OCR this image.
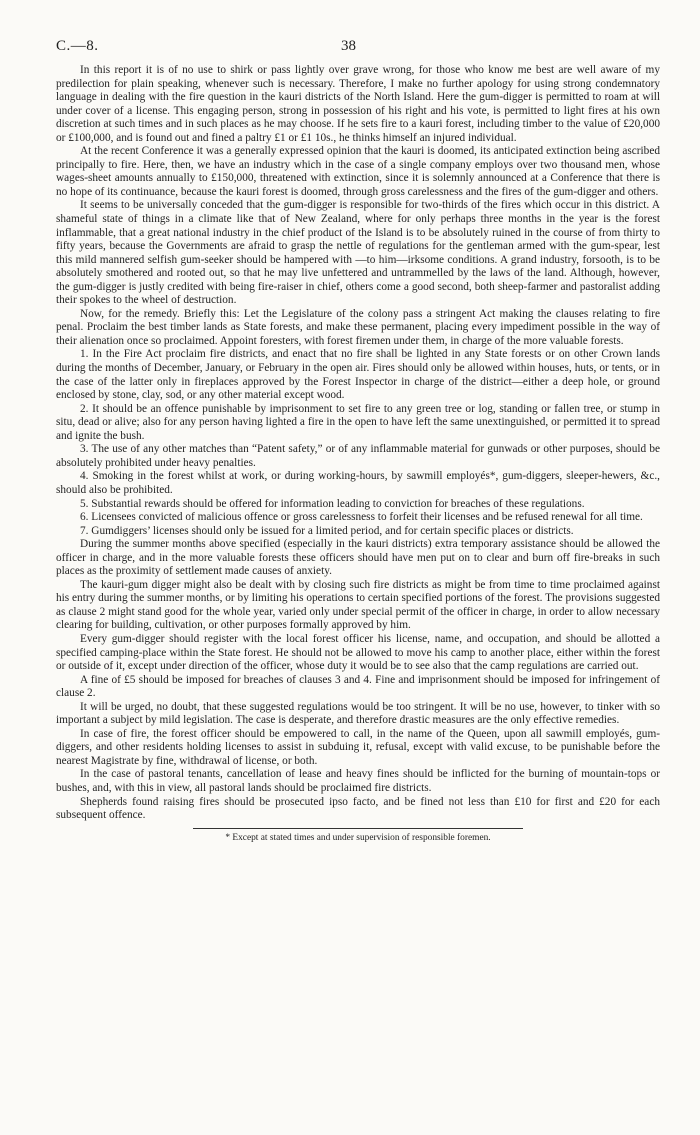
C.—8.	38

In this report it is of no use to shirk or pass lightly over grave wrong, for those who know me best are well aware of my predilection for plain speaking, whenever such is necessary. Therefore, I make no further apology for using strong condemnatory language in dealing with the fire question in the kauri districts of the North Island. Here the gum-digger is permitted to roam at will under cover of a license. This engaging person, strong in possession of his right and his vote, is permitted to light fires at his own discretion at such times and in such places as he may choose. If he sets fire to a kauri forest, including timber to the value of £20,000 or £100,000, and is found out and fined a paltry £1 or £1 10s., he thinks himself an injured individual.

At the recent Conference it was a generally expressed opinion that the kauri is doomed, its anticipated extinction being ascribed principally to fire. Here, then, we have an industry which in the case of a single company employs over two thousand men, whose wages-sheet amounts annually to £150,000, threatened with extinction, since it is solemnly announced at a Conference that there is no hope of its continuance, because the kauri forest is doomed, through gross carelessness and the fires of the gum-digger and others.

It seems to be universally conceded that the gum-digger is responsible for two-thirds of the fires which occur in this district. A shameful state of things in a climate like that of New Zealand, where for only perhaps three months in the year is the forest inflammable, that a great national industry in the chief product of the Island is to be absolutely ruined in the course of from thirty to fifty years, because the Governments are afraid to grasp the nettle of regulations for the gentleman armed with the gum-spear, lest this mild mannered selfish gum-seeker should be hampered with —to him—irksome conditions. A grand industry, forsooth, is to be absolutely smothered and rooted out, so that he may live unfettered and untrammelled by the laws of the land. Although, however, the gum-digger is justly credited with being fire-raiser in chief, others come a good second, both sheep-farmer and pastoralist adding their spokes to the wheel of destruction.

Now, for the remedy. Briefly this: Let the Legislature of the colony pass a stringent Act making the clauses relating to fire penal. Proclaim the best timber lands as State forests, and make these permanent, placing every impediment possible in the way of their alienation once so proclaimed. Appoint foresters, with forest firemen under them, in charge of the more valuable forests.

1. In the Fire Act proclaim fire districts, and enact that no fire shall be lighted in any State forests or on other Crown lands during the months of December, January, or February in the open air. Fires should only be allowed within houses, huts, or tents, or in the case of the latter only in fireplaces approved by the Forest Inspector in charge of the district—either a deep hole, or ground enclosed by stone, clay, sod, or any other material except wood.

2. It should be an offence punishable by imprisonment to set fire to any green tree or log, standing or fallen tree, or stump in situ, dead or alive; also for any person having lighted a fire in the open to have left the same unextinguished, or permitted it to spread and ignite the bush.

3. The use of any other matches than “Patent safety,” or of any inflammable material for gunwads or other purposes, should be absolutely prohibited under heavy penalties.

4. Smoking in the forest whilst at work, or during working-hours, by sawmill employés*, gum-diggers, sleeper-hewers, &c., should also be prohibited.

5. Substantial rewards should be offered for information leading to conviction for breaches of these regulations.

6. Licensees convicted of malicious offence or gross carelessness to forfeit their licenses and be refused renewal for all time.

7. Gumdiggers’ licenses should only be issued for a limited period, and for certain specific places or districts.

During the summer months above specified (especially in the kauri districts) extra temporary assistance should be allowed the officer in charge, and in the more valuable forests these officers should have men put on to clear and burn off fire-breaks in such places as the proximity of settlement made causes of anxiety.

The kauri-gum digger might also be dealt with by closing such fire districts as might be from time to time proclaimed against his entry during the summer months, or by limiting his operations to certain specified portions of the forest. The provisions suggested as clause 2 might stand good for the whole year, varied only under special permit of the officer in charge, in order to allow necessary clearing for building, cultivation, or other purposes formally approved by him.

Every gum-digger should register with the local forest officer his license, name, and occupation, and should be allotted a specified camping-place within the State forest. He should not be allowed to move his camp to another place, either within the forest or outside of it, except under direction of the officer, whose duty it would be to see also that the camp regulations are carried out.

A fine of £5 should be imposed for breaches of clauses 3 and 4. Fine and imprisonment should be imposed for infringement of clause 2.

It will be urged, no doubt, that these suggested regulations would be too stringent. It will be no use, however, to tinker with so important a subject by mild legislation. The case is desperate, and therefore drastic measures are the only effective remedies.

In case of fire, the forest officer should be empowered to call, in the name of the Queen, upon all sawmill employés, gum-diggers, and other residents holding licenses to assist in subduing it, refusal, except with valid excuse, to be punishable before the nearest Magistrate by fine, withdrawal of license, or both.

In the case of pastoral tenants, cancellation of lease and heavy fines should be inflicted for the burning of mountain-tops or bushes, and, with this in view, all pastoral lands should be proclaimed fire districts.

Shepherds found raising fires should be prosecuted ipso facto, and be fined not less than £10 for first and £20 for each subsequent offence.

* Except at stated times and under supervision of responsible foremen.
